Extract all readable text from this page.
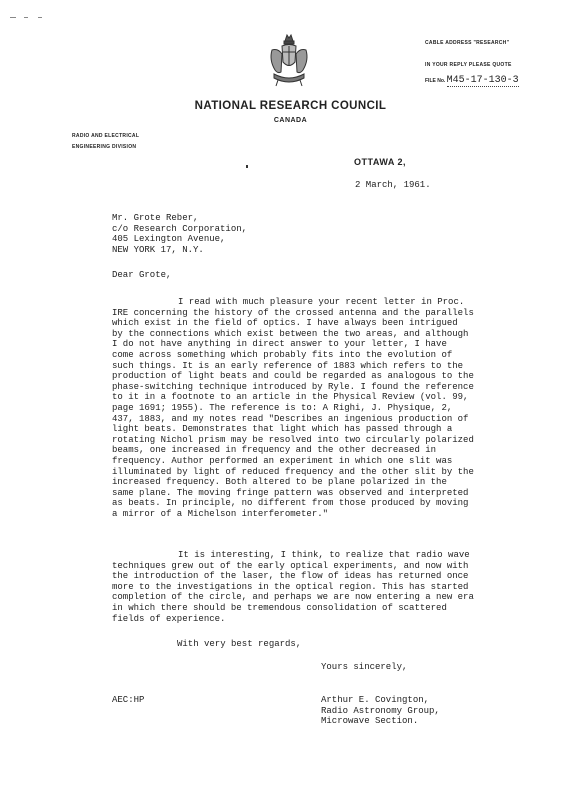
CABLE ADDRESS "RESEARCH"
IN YOUR REPLY PLEASE QUOTE
FILE No. M45-17-130-3
NATIONAL RESEARCH COUNCIL
CANADA
RADIO AND ELECTRICAL
ENGINEERING DIVISION
OTTAWA 2,
2 March, 1961.
Mr. Grote Reber,
c/o Research Corporation,
405 Lexington Avenue,
NEW YORK 17, N.Y.
Dear Grote,
I read with much pleasure your recent letter in Proc.
IRE concerning the history of the crossed antenna and the parallels
which exist in the field of optics. I have always been intrigued
by the connections which exist between the two areas, and although
I do not have anything in direct answer to your letter, I have
come across something which probably fits into the evolution of
such things. It is an early reference of 1883 which refers to the
production of light beats and could be regarded as analogous to the
phase-switching technique introduced by Ryle. I found the reference
to it in a footnote to an article in the Physical Review (vol. 99,
page 1691; 1955). The reference is to: A Righi, J. Physique, 2,
437, 1883, and my notes read "Describes an ingenious production of
light beats. Demonstrates that light which has passed through a
rotating Nichol prism may be resolved into two circularly polarized
beams, one increased in frequency and the other decreased in
frequency. Author performed an experiment in which one slit was
illuminated by light of reduced frequency and the other slit by the
increased frequency. Both altered to be plane polarized in the
same plane. The moving fringe pattern was observed and interpreted
as beats. In principle, no different from those produced by moving
a mirror of a Michelson interferometer."
It is interesting, I think, to realize that radio wave
techniques grew out of the early optical experiments, and now with
the introduction of the laser, the flow of ideas has returned once
more to the investigations in the optical region. This has started
completion of the circle, and perhaps we are now entering a new era
in which there should be tremendous consolidation of scattered
fields of experience.
With very best regards,
Yours sincerely,
AEC:HP	Arthur E. Covington,
Radio Astronomy Group,
Microwave Section.
